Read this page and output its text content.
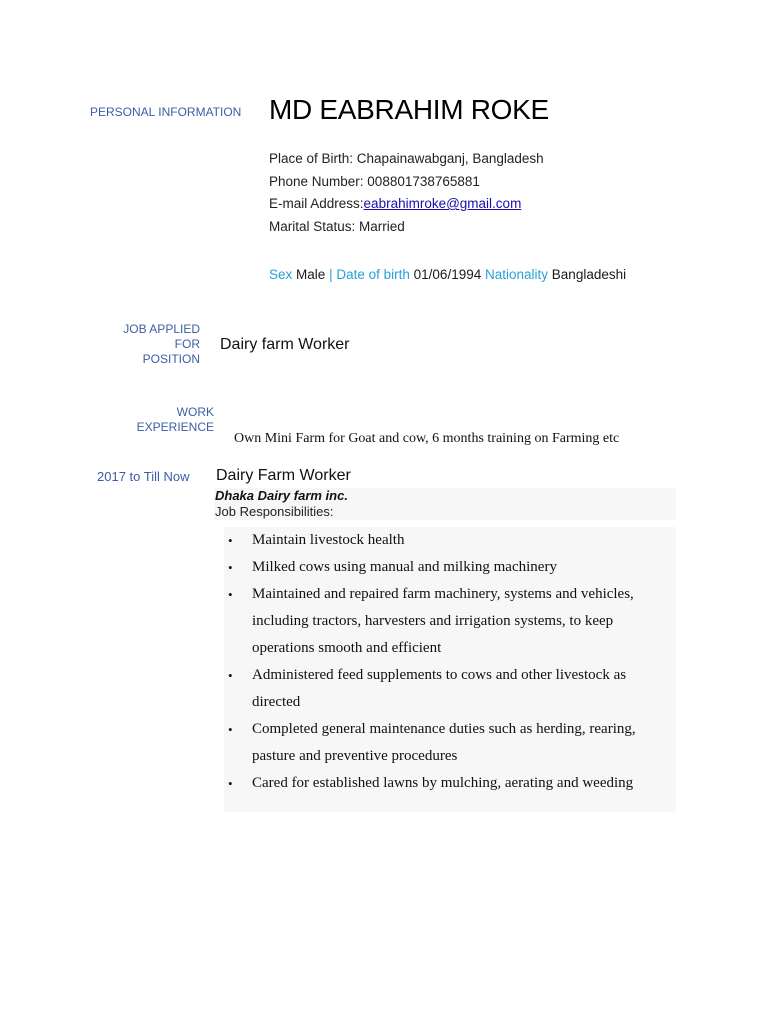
PERSONAL INFORMATION MD EABRAHIM ROKE
Place of Birth: Chapainawabganj, Bangladesh
Phone Number: 008801738765881
E-mail Address:eabrahimroke@gmail.com
Marital Status: Married
Sex Male | Date of birth 01/06/1994 Nationality Bangladeshi
JOB APPLIED
FOR
POSITION
Dairy farm Worker
WORK
EXPERIENCE
Own Mini Farm for Goat and cow, 6 months training on Farming etc
2017 to Till Now Dairy Farm Worker
Dhaka Dairy farm inc.
Job Responsibilities:
• Maintain livestock health
• Milked cows using manual and milking machinery
• Maintained and repaired farm machinery, systems and vehicles, including tractors, harvesters and irrigation systems, to keep operations smooth and efficient
• Administered feed supplements to cows and other livestock as directed
• Completed general maintenance duties such as herding, rearing, pasture and preventive procedures
• Cared for established lawns by mulching, aerating and weeding
